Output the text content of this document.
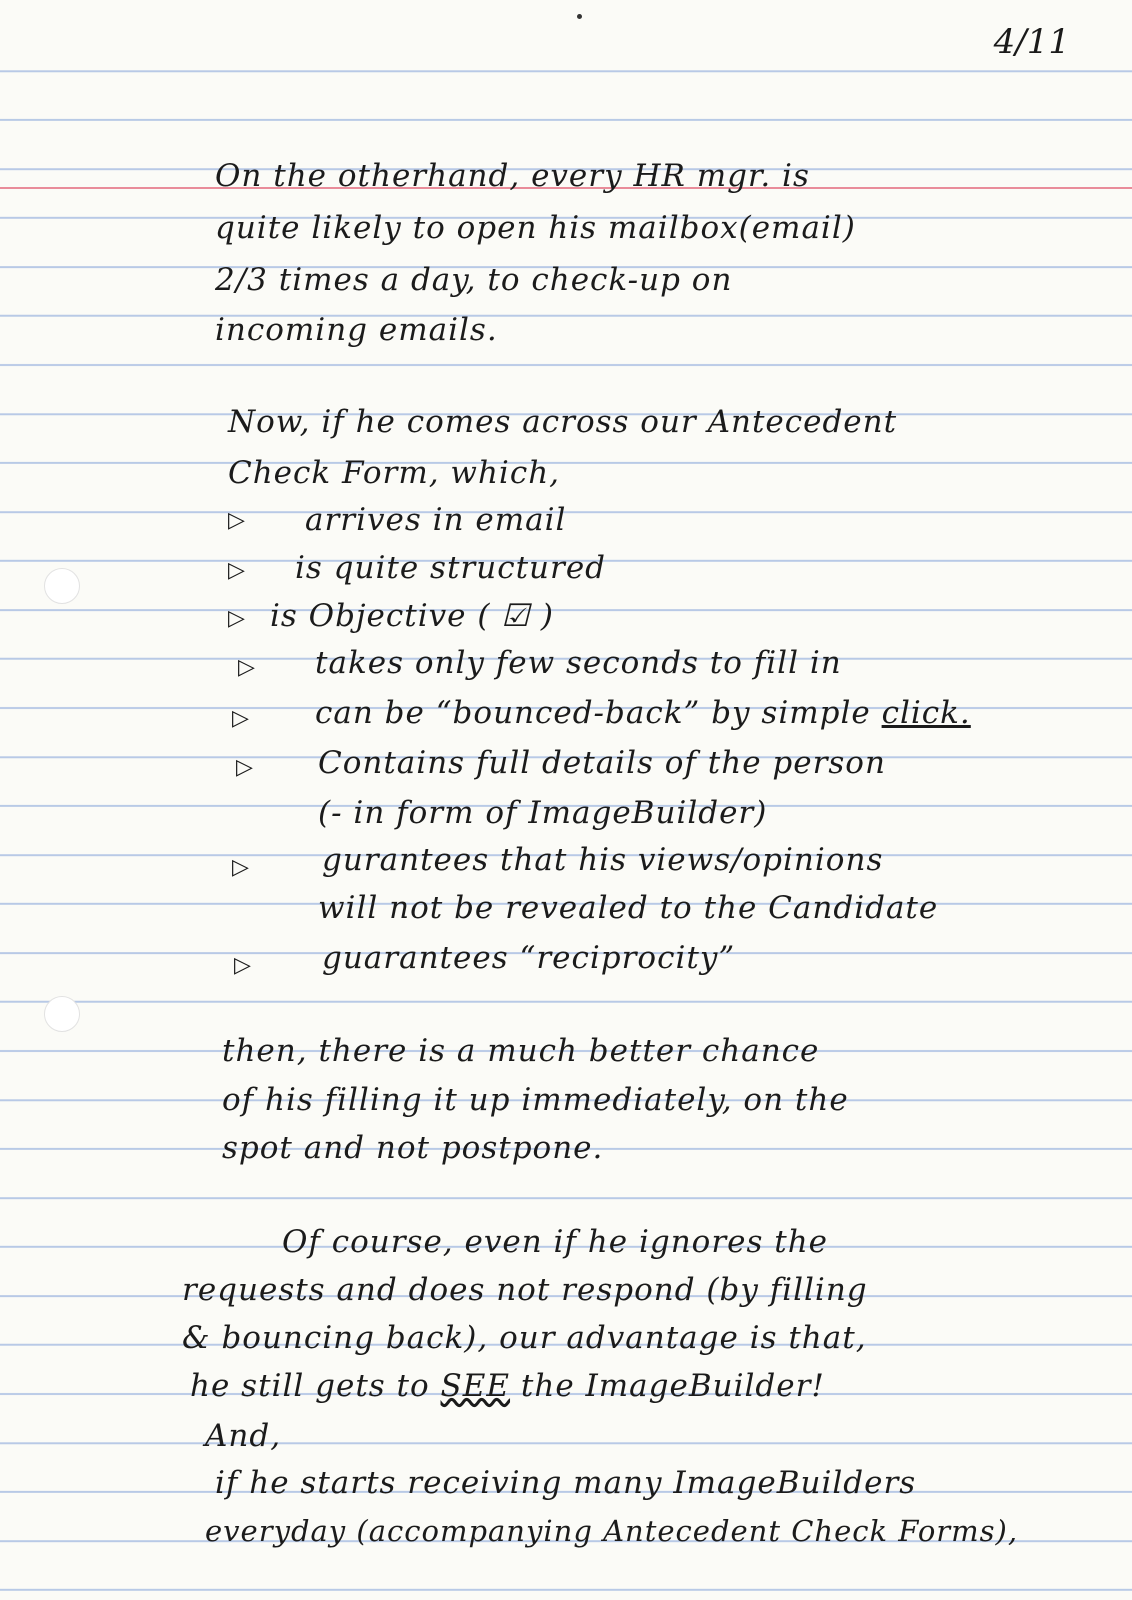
4/11
On the otherhand, every HR mgr. is
quite likely to open his mailbox(email)
2/3 times a day, to check-up on
incoming emails.
Now, if he comes across our Antecedent
Check Form, which,
▷ arrives in email
▷ is quite structured
▷ is Objective ( ☑ )
▷ takes only few seconds to fill in
▷ can be “bounced-back” by simple click.
▷ Contains full details of the person
(- in form of ImageBuilder)
▷ gurantees that his views/opinions
will not be revealed to the Candidate
▷ guarantees “reciprocity”
then, there is a much better chance
of his filling it up immediately, on the
spot and not postpone.
Of course, even if he ignores the
requests and does not respond (by filling
& bouncing back), our advantage is that,
he still gets to SEE the ImageBuilder!
And,
if he starts receiving many ImageBuilders
everyday (accompanying Antecedent Check Forms),
